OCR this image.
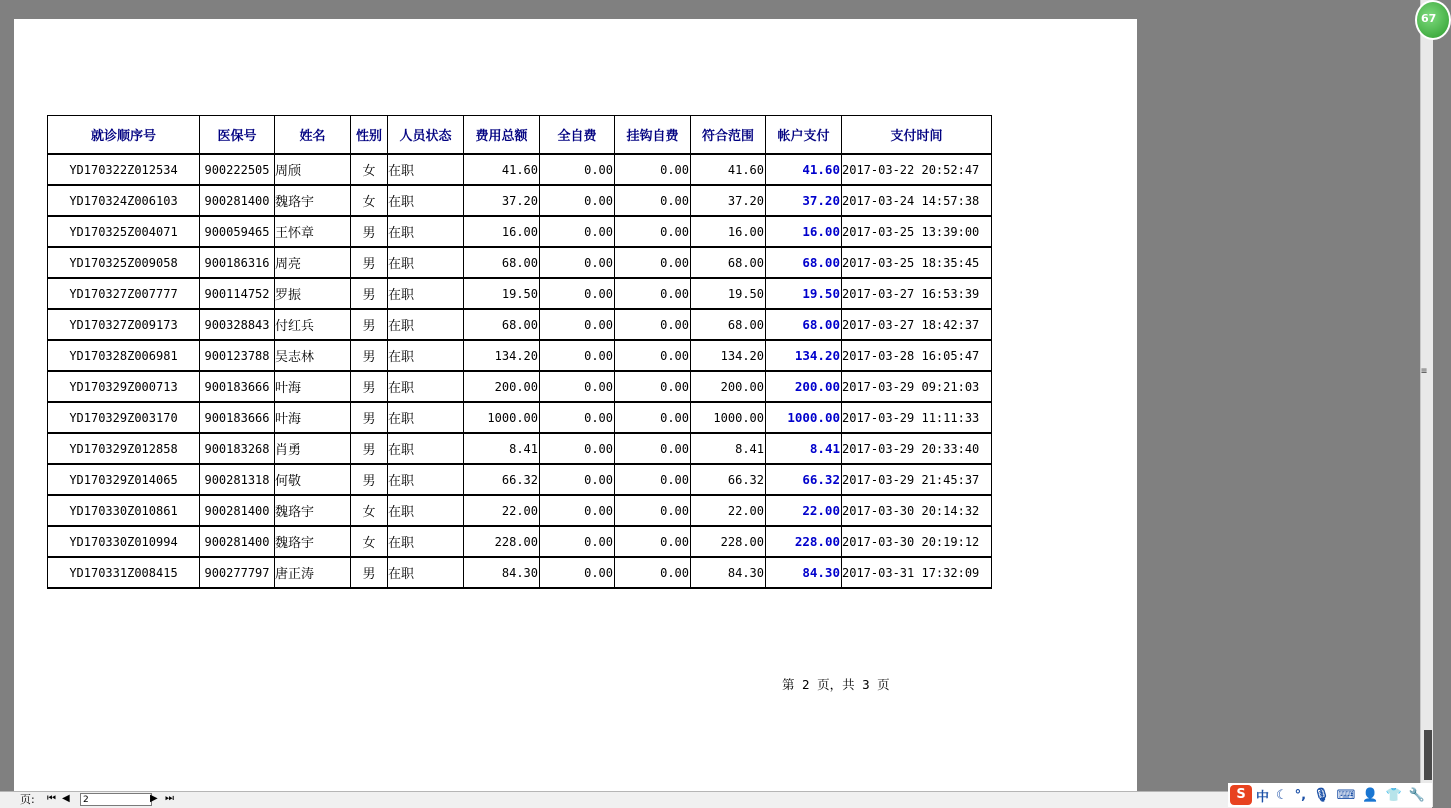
就诊顺序号	医保号	姓名	性别	人员状态	费用总额	全自费	挂钩自费	符合范围	帐户支付	支付时间
YD170322Z012534	900222505	周颀	女	在职	41.60	0.00	0.00	41.60	41.60	2017-03-22 20:52:47
YD170324Z006103	900281400	魏珞宇	女	在职	37.20	0.00	0.00	37.20	37.20	2017-03-24 14:57:38
YD170325Z004071	900059465	王怀章	男	在职	16.00	0.00	0.00	16.00	16.00	2017-03-25 13:39:00
YD170325Z009058	900186316	周亮	男	在职	68.00	0.00	0.00	68.00	68.00	2017-03-25 18:35:45
YD170327Z007777	900114752	罗振	男	在职	19.50	0.00	0.00	19.50	19.50	2017-03-27 16:53:39
YD170327Z009173	900328843	付红兵	男	在职	68.00	0.00	0.00	68.00	68.00	2017-03-27 18:42:37
YD170328Z006981	900123788	吴志林	男	在职	134.20	0.00	0.00	134.20	134.20	2017-03-28 16:05:47
YD170329Z000713	900183666	叶海	男	在职	200.00	0.00	0.00	200.00	200.00	2017-03-29 09:21:03
YD170329Z003170	900183666	叶海	男	在职	1000.00	0.00	0.00	1000.00	1000.00	2017-03-29 11:11:33
YD170329Z012858	900183268	肖勇	男	在职	8.41	0.00	0.00	8.41	8.41	2017-03-29 20:33:40
YD170329Z014065	900281318	何敬	男	在职	66.32	0.00	0.00	66.32	66.32	2017-03-29 21:45:37
YD170330Z010861	900281400	魏珞宇	女	在职	22.00	0.00	0.00	22.00	22.00	2017-03-30 20:14:32
YD170330Z010994	900281400	魏珞宇	女	在职	228.00	0.00	0.00	228.00	228.00	2017-03-30 20:19:12
YD170331Z008415	900277797	唐正涛	男	在职	84.30	0.00	0.00	84.30	84.30	2017-03-31 17:32:09
第 2 页，共 3 页
≡
67
页: ⏮ ◀
2	▶ ⏭	S 中 ☾ °, 🎙 ⌨ 👤 👕 🔧
